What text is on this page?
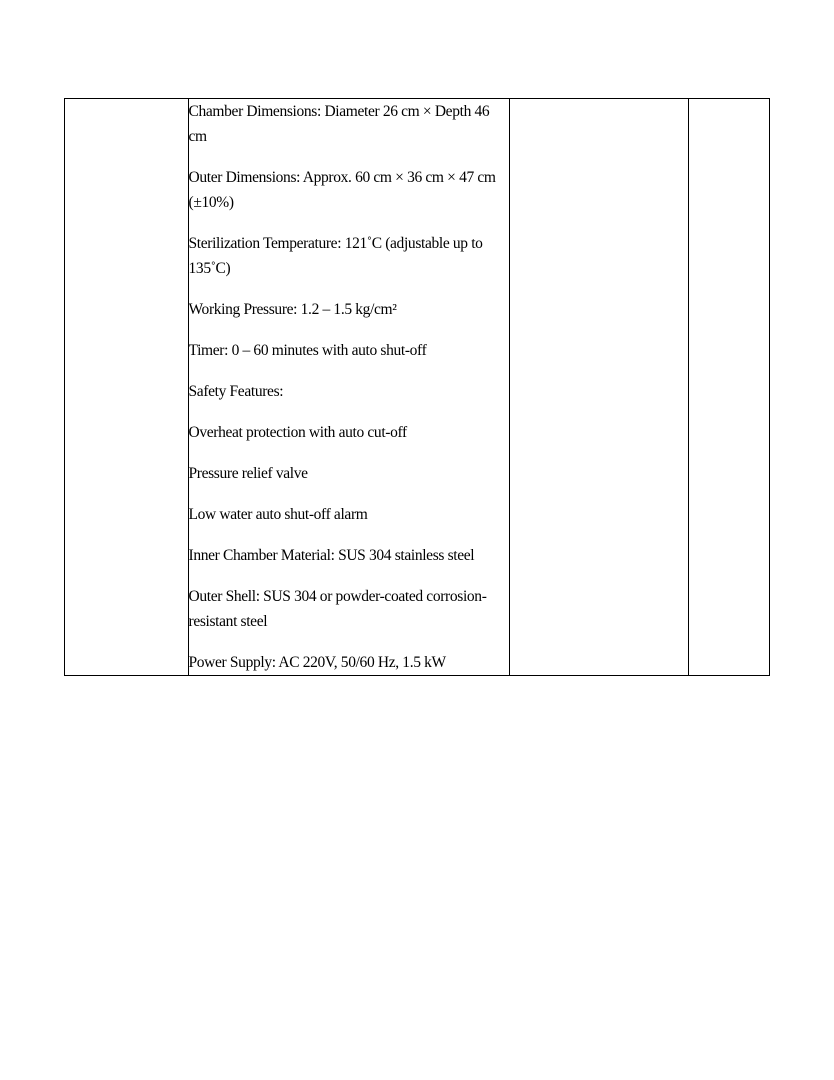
Chamber Dimensions: Diameter 26 cm × Depth 46 cm

Outer Dimensions: Approx. 60 cm × 36 cm × 47 cm (±10%)

Sterilization Temperature: 121˚C (adjustable up to 135˚C)

Working Pressure: 1.2 – 1.5 kg/cm²

Timer: 0 – 60 minutes with auto shut-off

Safety Features:

Overheat protection with auto cut-off

Pressure relief valve

Low water auto shut-off alarm

Inner Chamber Material: SUS 304 stainless steel

Outer Shell: SUS 304 or powder-coated corrosion-resistant steel

Power Supply: AC 220V, 50/60 Hz, 1.5 kW
